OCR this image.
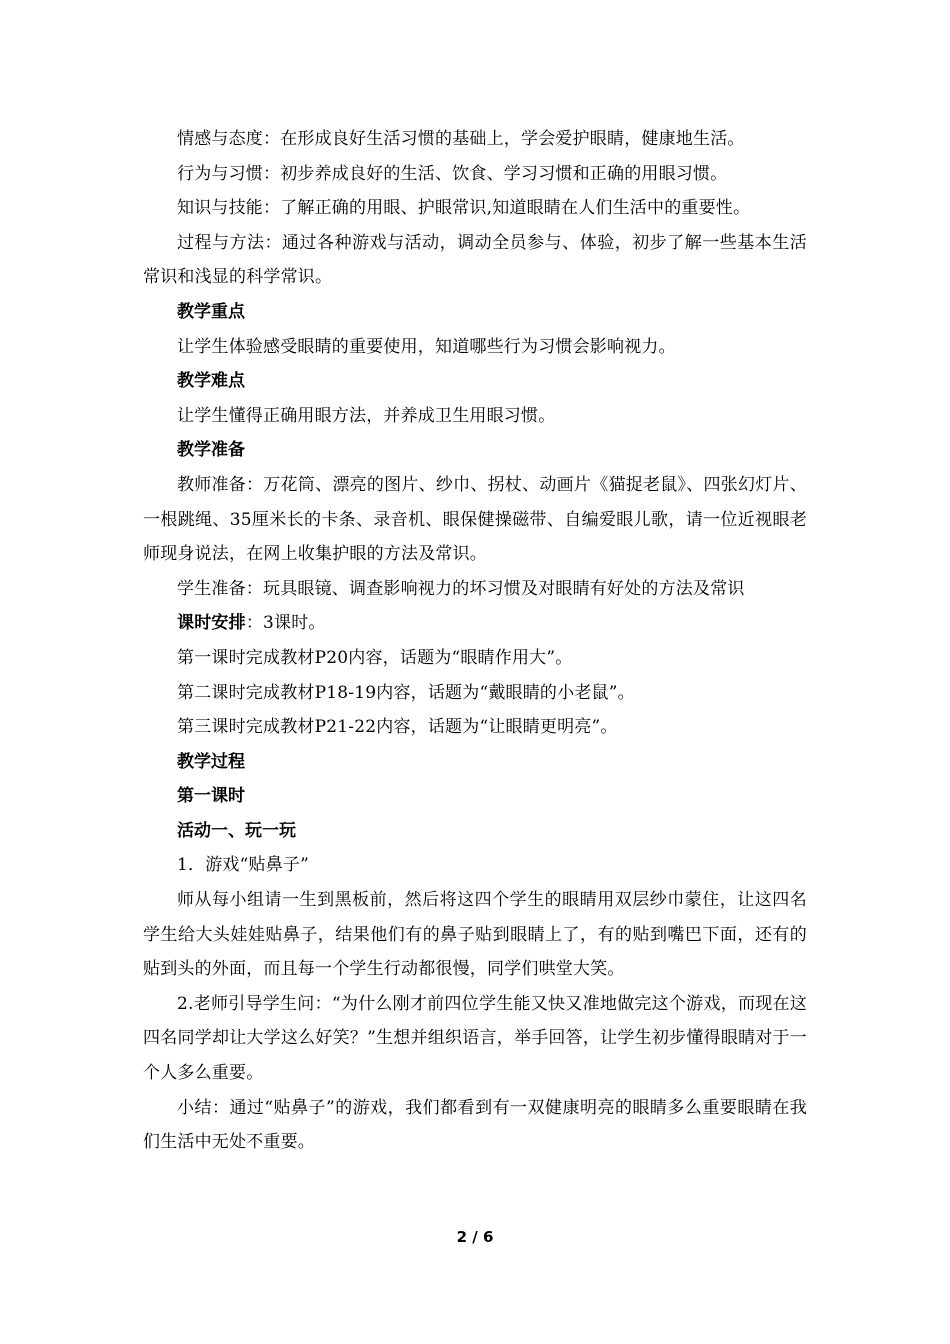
情感与态度：在形成良好生活习惯的基础上，学会爱护眼睛，健康地生活。

行为与习惯：初步养成良好的生活、饮食、学习习惯和正确的用眼习惯。

知识与技能：了解正确的用眼、护眼常识,知道眼睛在人们生活中的重要性。

过程与方法：通过各种游戏与活动，调动全员参与、体验，初步了解一些基本生活常识和浅显的科学常识。

教学重点

让学生体验感受眼睛的重要使用，知道哪些行为习惯会影响视力。

教学难点

让学生懂得正确用眼方法，并养成卫生用眼习惯。

教学准备

教师准备：万花筒、漂亮的图片、纱巾、拐杖、动画片《猫捉老鼠》、四张幻灯片、一根跳绳、35厘米长的卡条、录音机、眼保健操磁带、自编爱眼儿歌，请一位近视眼老师现身说法，在网上收集护眼的方法及常识。

学生准备：玩具眼镜、调查影响视力的坏习惯及对眼睛有好处的方法及常识

课时安排：3课时。

第一课时完成教材P20内容，话题为“眼睛作用大”。

第二课时完成教材P18-19内容，话题为“戴眼睛的小老鼠”。

第三课时完成教材P21-22内容，话题为“让眼睛更明亮”。

教学过程

第一课时

活动一、玩一玩

1．游戏“贴鼻子”

师从每小组请一生到黑板前，然后将这四个学生的眼睛用双层纱巾蒙住，让这四名学生给大头娃娃贴鼻子，结果他们有的鼻子贴到眼睛上了，有的贴到嘴巴下面，还有的贴到头的外面，而且每一个学生行动都很慢，同学们哄堂大笑。

2.老师引导学生问：“为什么刚才前四位学生能又快又准地做完这个游戏，而现在这四名同学却让大学这么好笑？”生想并组织语言，举手回答，让学生初步懂得眼睛对于一个人多么重要。

小结：通过“贴鼻子”的游戏，我们都看到有一双健康明亮的眼睛多么重要眼睛在我们生活中无处不重要。

2 / 6
